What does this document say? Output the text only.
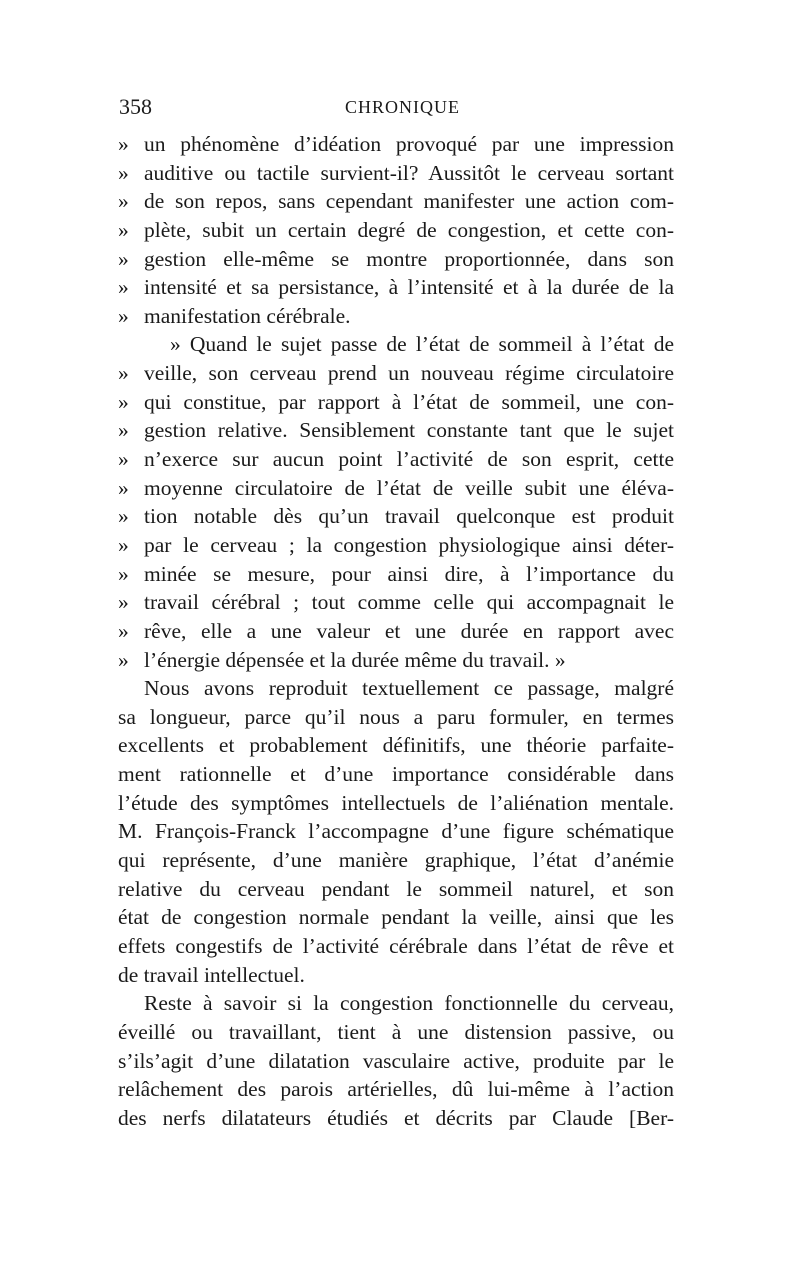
358	CHRONIQUE
» un phénomène d’idéation provoqué par une impression
» auditive ou tactile survient-il? Aussitôt le cerveau sortant
» de son repos, sans cependant manifester une action com-
» plète, subit un certain degré de congestion, et cette con-
» gestion elle-même se montre proportionnée, dans son
» intensité et sa persistance, à l’intensité et à la durée de la
» manifestation cérébrale.
» Quand le sujet passe de l’état de sommeil à l’état de
» veille, son cerveau prend un nouveau régime circulatoire
» qui constitue, par rapport à l’état de sommeil, une con-
» gestion relative. Sensiblement constante tant que le sujet
» n’exerce sur aucun point l’activité de son esprit, cette
» moyenne circulatoire de l’état de veille subit une éléva-
» tion notable dès qu’un travail quelconque est produit
» par le cerveau ; la congestion physiologique ainsi déter-
» minée se mesure, pour ainsi dire, à l’importance du
» travail cérébral ; tout comme celle qui accompagnait le
» rêve, elle a une valeur et une durée en rapport avec
» l’énergie dépensée et la durée même du travail. »
Nous avons reproduit textuellement ce passage, malgré
sa longueur, parce qu’il nous a paru formuler, en termes
excellents et probablement définitifs, une théorie parfaite-
ment rationnelle et d’une importance considérable dans
l’étude des symptômes intellectuels de l’aliénation mentale.
M. François-Franck l’accompagne d’une figure schématique
qui représente, d’une manière graphique, l’état d’anémie
relative du cerveau pendant le sommeil naturel, et son
état de congestion normale pendant la veille, ainsi que les
effets congestifs de l’activité cérébrale dans l’état de rêve et
de travail intellectuel.
Reste à savoir si la congestion fonctionnelle du cerveau,
éveillé ou travaillant, tient à une distension passive, ou
s’ils’agit d’une dilatation vasculaire active, produite par le
relâchement des parois artérielles, dû lui-même à l’action
des nerfs dilatateurs étudiés et décrits par Claude [Ber-
